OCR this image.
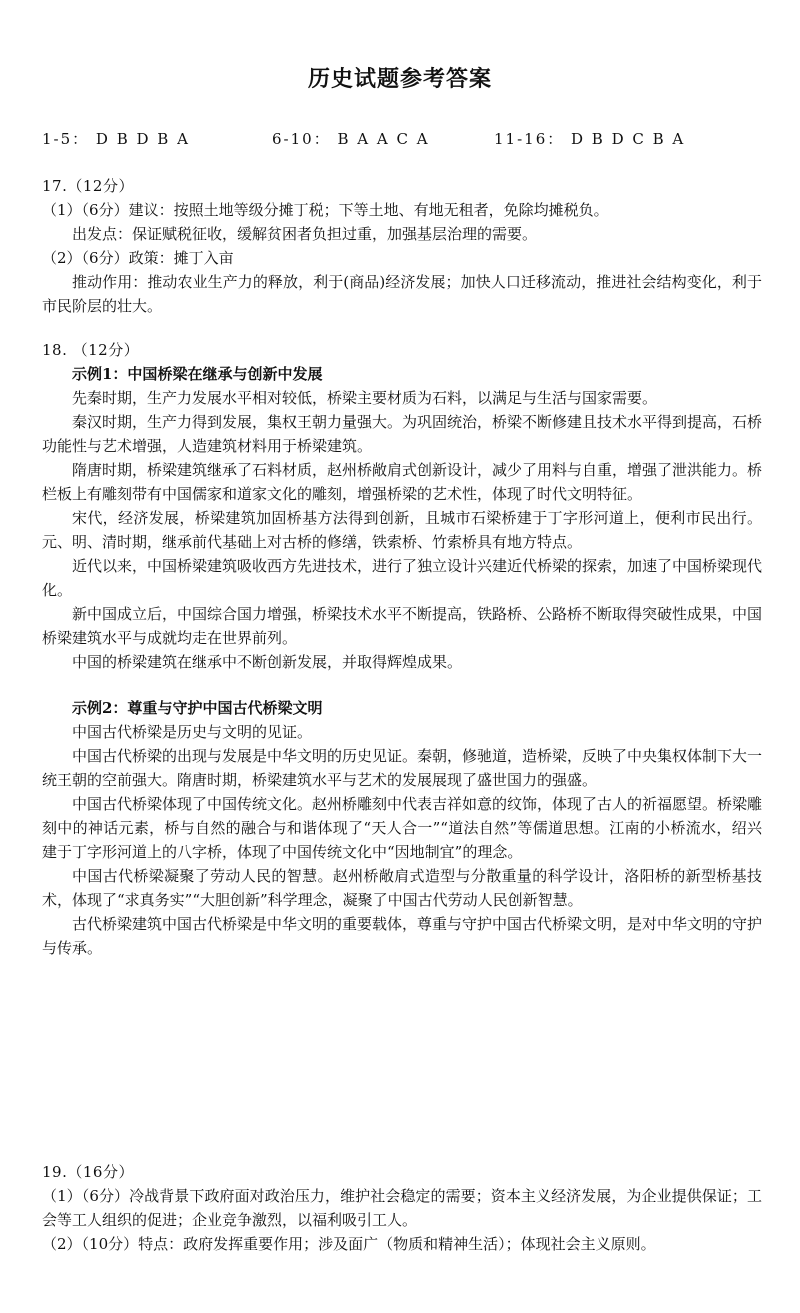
历史试题参考答案
1-5： D B D B A	6-10： B A A C A	11-16： D B D C B A

17.（12分）

（1）（6分）建议：按照土地等级分摊丁税；下等土地、有地无租者，免除均摊税负。

出发点：保证赋税征收，缓解贫困者负担过重，加强基层治理的需要。

（2）（6分）政策：摊丁入亩

推动作用：推动农业生产力的释放，利于(商品)经济发展；加快人口迁移流动，推进社会结构变化，利于市民阶层的壮大。

18. （12分）

示例1：中国桥梁在继承与创新中发展

先秦时期，生产力发展水平相对较低，桥梁主要材质为石料，以满足与生活与国家需要。

秦汉时期，生产力得到发展，集权王朝力量强大。为巩固统治，桥梁不断修建且技术水平得到提高，石桥功能性与艺术增强，人造建筑材料用于桥梁建筑。

隋唐时期，桥梁建筑继承了石料材质，赵州桥敞肩式创新设计，减少了用料与自重，增强了泄洪能力。桥栏板上有雕刻带有中国儒家和道家文化的雕刻，增强桥梁的艺术性，体现了时代文明特征。

宋代，经济发展，桥梁建筑加固桥基方法得到创新，且城市石梁桥建于丁字形河道上，便利市民出行。元、明、清时期，继承前代基础上对古桥的修缮，铁索桥、竹索桥具有地方特点。

近代以来，中国桥梁建筑吸收西方先进技术，进行了独立设计兴建近代桥梁的探索，加速了中国桥梁现代化。

新中国成立后，中国综合国力增强，桥梁技术水平不断提高，铁路桥、公路桥不断取得突破性成果，中国桥梁建筑水平与成就均走在世界前列。

中国的桥梁建筑在继承中不断创新发展，并取得辉煌成果。

示例2：尊重与守护中国古代桥梁文明

中国古代桥梁是历史与文明的见证。

中国古代桥梁的出现与发展是中华文明的历史见证。秦朝，修驰道，造桥梁，反映了中央集权体制下大一统王朝的空前强大。隋唐时期，桥梁建筑水平与艺术的发展展现了盛世国力的强盛。

中国古代桥梁体现了中国传统文化。赵州桥雕刻中代表吉祥如意的纹饰，体现了古人的祈福愿望。桥梁雕刻中的神话元素，桥与自然的融合与和谐体现了“天人合一”“道法自然”等儒道思想。江南的小桥流水，绍兴建于丁字形河道上的八字桥，体现了中国传统文化中“因地制宜”的理念。

中国古代桥梁凝聚了劳动人民的智慧。赵州桥敞肩式造型与分散重量的科学设计，洛阳桥的新型桥基技术，体现了“求真务实”“大胆创新”科学理念，凝聚了中国古代劳动人民创新智慧。

古代桥梁建筑中国古代桥梁是中华文明的重要载体，尊重与守护中国古代桥梁文明，是对中华文明的守护与传承。

19.（16分）

（1）（6分）冷战背景下政府面对政治压力，维护社会稳定的需要；资本主义经济发展，为企业提供保证；工会等工人组织的促进；企业竞争激烈，以福利吸引工人。

（2）（10分）特点：政府发挥重要作用；涉及面广（物质和精神生活）；体现社会主义原则。
